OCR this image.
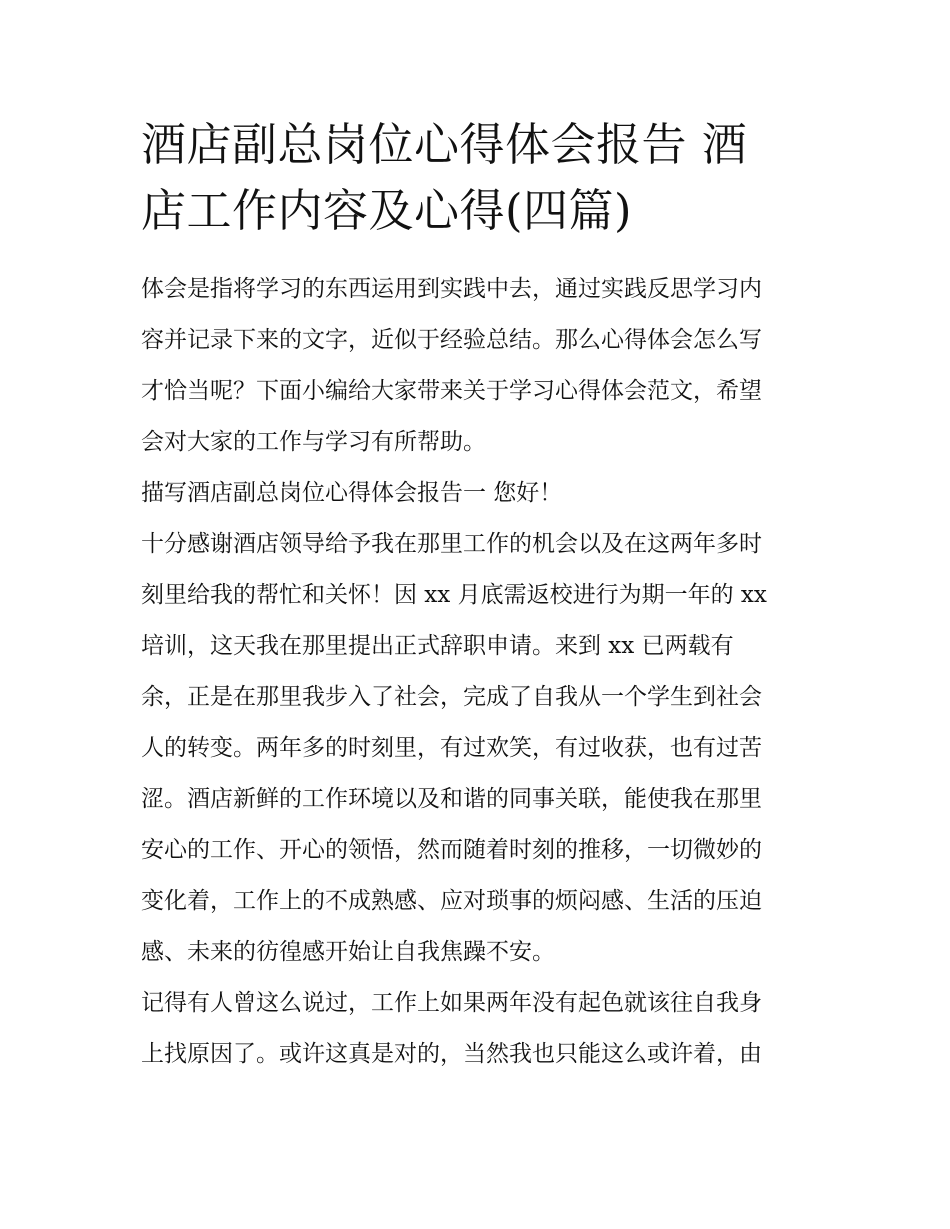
酒店副总岗位心得体会报告 酒
店工作内容及心得(四篇)

体会是指将学习的东西运用到实践中去，通过实践反思学习内
容并记录下来的文字，近似于经验总结。那么心得体会怎么写
才恰当呢？下面小编给大家带来关于学习心得体会范文，希望
会对大家的工作与学习有所帮助。

描写酒店副总岗位心得体会报告一 您好！

十分感谢酒店领导给予我在那里工作的机会以及在这两年多时
刻里给我的帮忙和关怀！因 xx 月底需返校进行为期一年的 xx
培训，这天我在那里提出正式辞职申请。来到 xx 已两载有
余，正是在那里我步入了社会，完成了自我从一个学生到社会
人的转变。两年多的时刻里，有过欢笑，有过收获，也有过苦
涩。酒店新鲜的工作环境以及和谐的同事关联，能使我在那里
安心的工作、开心的领悟，然而随着时刻的推移，一切微妙的
变化着，工作上的不成熟感、应对琐事的烦闷感、生活的压迫
感、未来的彷徨感开始让自我焦躁不安。

记得有人曾这么说过，工作上如果两年没有起色就该往自我身
上找原因了。或许这真是对的，当然我也只能这么或许着，由
